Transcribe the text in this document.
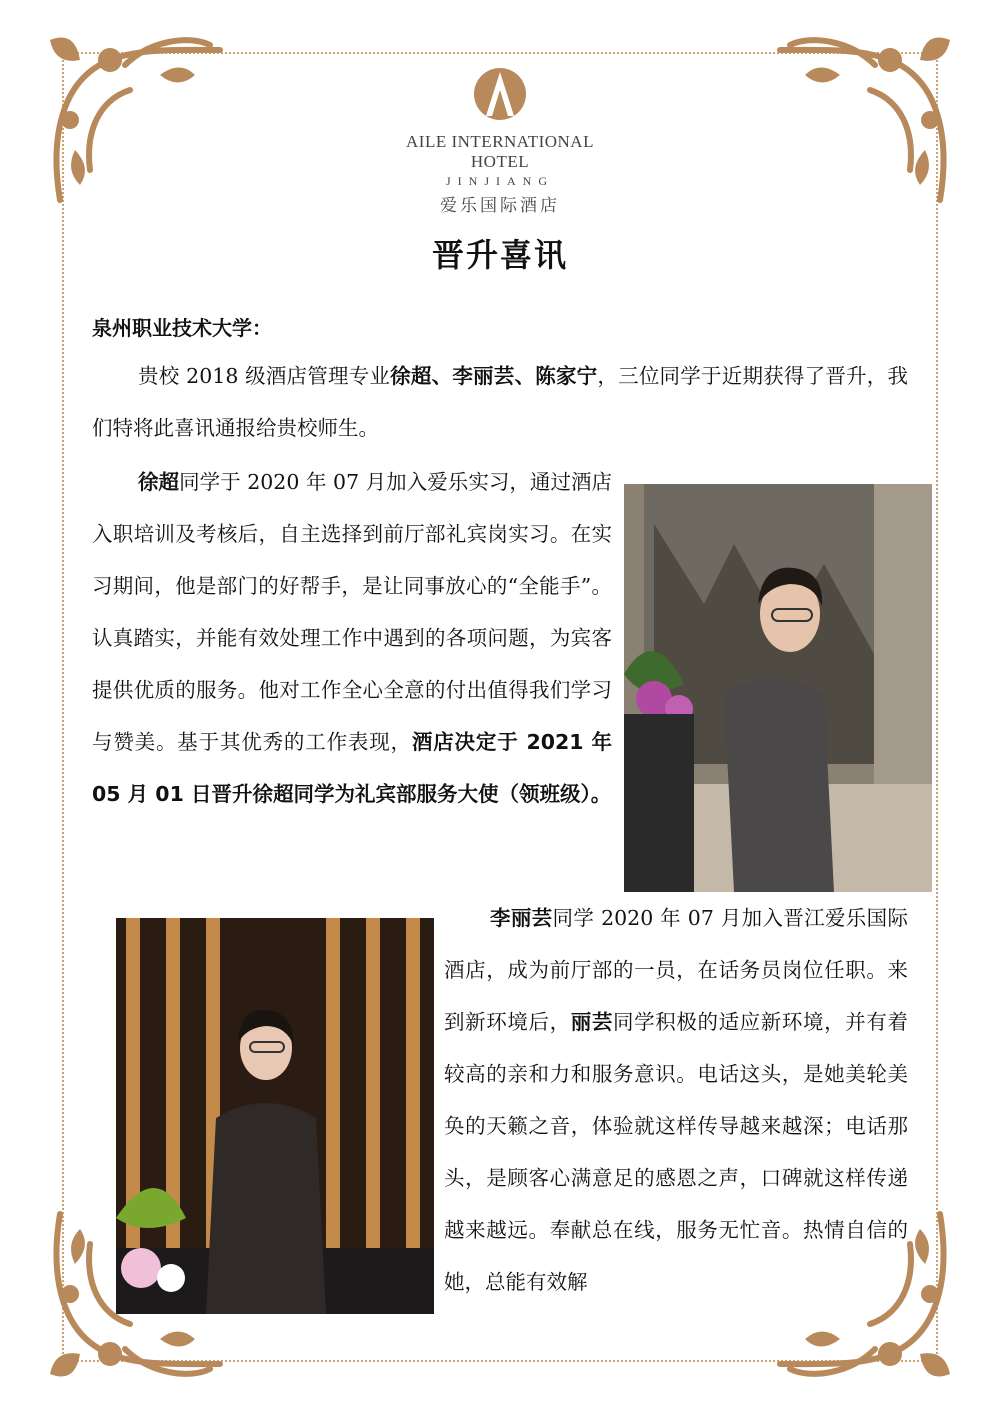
AILE INTERNATIONAL HOTEL
JINJIANG
爱乐国际酒店
晋升喜讯
泉州职业技术大学：
贵校 2018 级酒店管理专业徐超、李丽芸、陈家宁，三位同学于近期获得了晋升，我们特将此喜讯通报给贵校师生。
徐超同学于 2020 年 07 月加入爱乐实习，通过酒店入职培训及考核后，自主选择到前厅部礼宾岗实习。在实习期间，他是部门的好帮手，是让同事放心的“全能手”。认真踏实，并能有效处理工作中遇到的各项问题，为宾客提供优质的服务。他对工作全心全意的付出值得我们学习与赞美。基于其优秀的工作表现，酒店决定于 2021 年 05 月 01 日晋升徐超同学为礼宾部服务大使（领班级）。
李丽芸同学 2020 年 07 月加入晋江爱乐国际酒店，成为前厅部的一员，在话务员岗位任职。来到新环境后，丽芸同学积极的适应新环境，并有着较高的亲和力和服务意识。电话这头，是她美轮美奂的天籁之音，体验就这样传导越来越深；电话那头，是顾客心满意足的感恩之声，口碑就这样传递越来越远。奉献总在线，服务无忙音。热情自信的她，总能有效解
